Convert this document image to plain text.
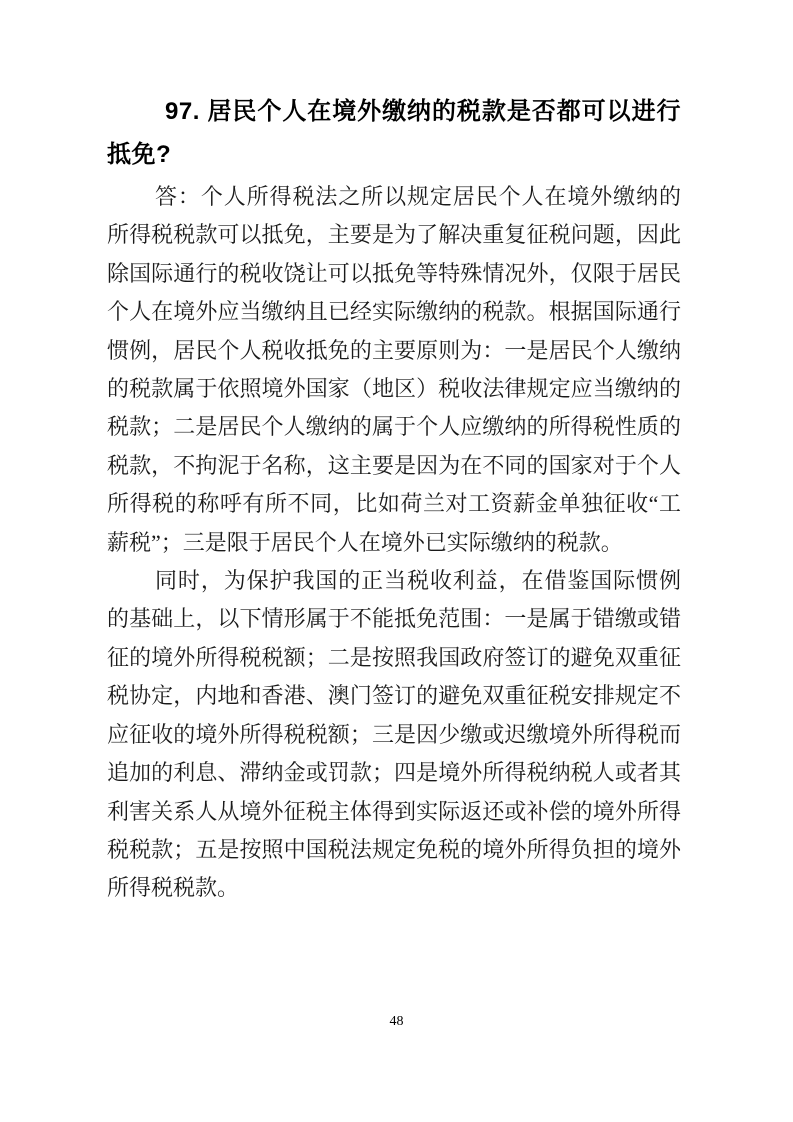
97. 居民个人在境外缴纳的税款是否都可以进行抵免?

答：个人所得税法之所以规定居民个人在境外缴纳的所得税税款可以抵免，主要是为了解决重复征税问题，因此除国际通行的税收饶让可以抵免等特殊情况外，仅限于居民个人在境外应当缴纳且已经实际缴纳的税款。根据国际通行惯例，居民个人税收抵免的主要原则为：一是居民个人缴纳的税款属于依照境外国家（地区）税收法律规定应当缴纳的税款；二是居民个人缴纳的属于个人应缴纳的所得税性质的税款，不拘泥于名称，这主要是因为在不同的国家对于个人所得税的称呼有所不同，比如荷兰对工资薪金单独征收“工薪税”；三是限于居民个人在境外已实际缴纳的税款。

同时，为保护我国的正当税收利益，在借鉴国际惯例的基础上，以下情形属于不能抵免范围：一是属于错缴或错征的境外所得税税额；二是按照我国政府签订的避免双重征税协定，内地和香港、澳门签订的避免双重征税安排规定不应征收的境外所得税税额；三是因少缴或迟缴境外所得税而追加的利息、滞纳金或罚款；四是境外所得税纳税人或者其利害关系人从境外征税主体得到实际返还或补偿的境外所得税税款；五是按照中国税法规定免税的境外所得负担的境外所得税税款。

48
